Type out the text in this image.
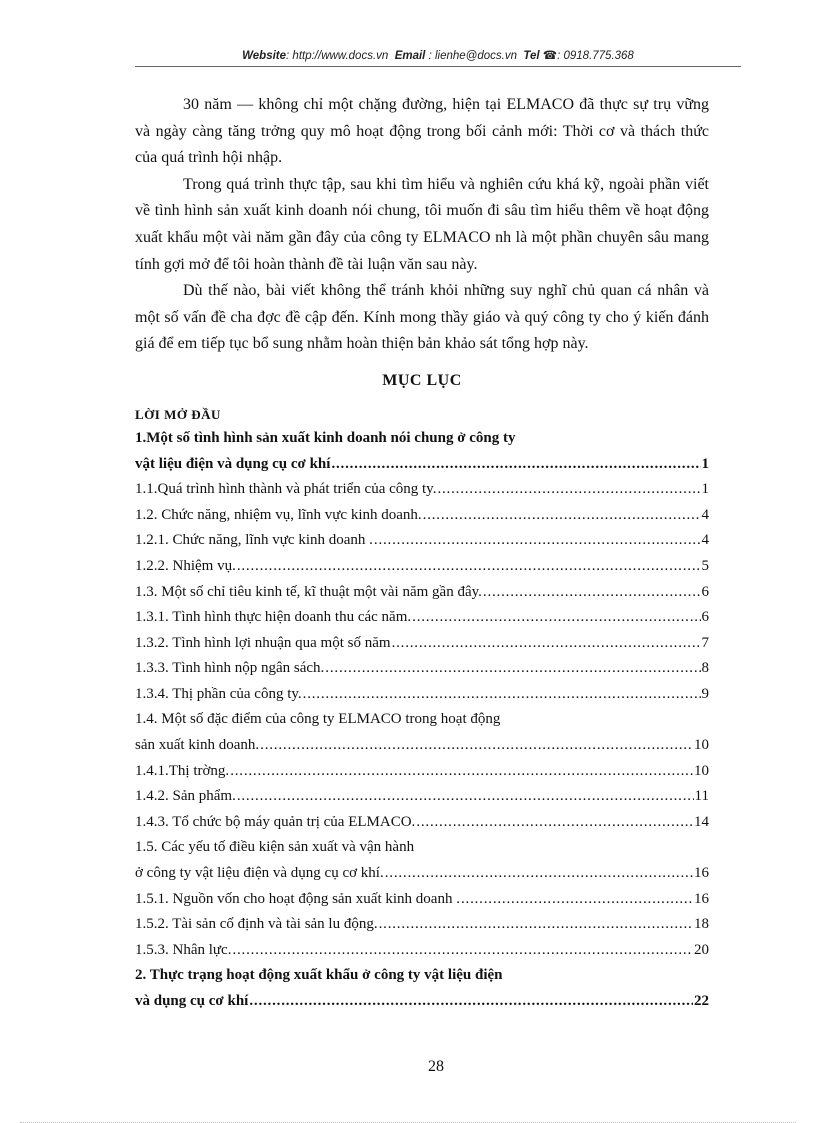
Website: http://www.docs.vn Email : lienhe@docs.vn Tel ☎: 0918.775.368

30 năm — không chỉ một chặng đường, hiện tại ELMACO đã thực sự trụ vững và ngày càng tăng trởng quy mô hoạt động trong bối cảnh mới: Thời cơ và thách thức của quá trình hội nhập.

Trong quá trình thực tập, sau khi tìm hiểu và nghiên cứu khá kỹ, ngoài phần viết về tình hình sản xuất kinh doanh nói chung, tôi muốn đi sâu tìm hiểu thêm về hoạt động xuất khẩu một vài năm gần đây của công ty ELMACO nh là một phần chuyên sâu mang tính gợi mở để tôi hoàn thành đề tài luận văn sau này.

Dù thế nào, bài viết không thể tránh khỏi những suy nghĩ chủ quan cá nhân và một số vấn đề cha đợc đề cập đến. Kính mong thầy giáo và quý công ty cho ý kiến đánh giá để em tiếp tục bổ sung nhằm hoàn thiện bản khảo sát tổng hợp này.

MỤC LỤC
LỜI MỞ ĐẦU
1.Một số tình hình sản xuất kinh doanh nói chung ở công ty
vật liệu điện và dụng cụ cơ khí .....	1
1.1.Quá trình hình thành và phát triển của công ty. .....	1
1.2. Chức năng, nhiệm vụ, lĩnh vực kinh doanh. .....	4
1.2.1. Chức năng, lĩnh vực kinh doanh . .....	4
1.2.2. Nhiệm vụ. .....	5
1.3. Một số chỉ tiêu kinh tế, kĩ thuật một vài năm gần đây. .....	6
1.3.1. Tình hình thực hiện doanh thu các năm. .....	6
1.3.2. Tình hình lợi nhuận qua một số năm .....	7
1.3.3. Tình hình nộp ngân sách. .....	8
1.3.4. Thị phần của công ty. .....	9
1.4. Một số đặc điểm của công ty ELMACO trong hoạt động
sản xuất kinh doanh. .....	10
1.4.1.Thị trờng. .....	10
1.4.2. Sản phẩm. .....	11
1.4.3. Tổ chức bộ máy quản trị của ELMACO. .....	14
1.5. Các yếu tố điều kiện sản xuất và vận hành
ở công ty vật liệu điện và dụng cụ cơ khí. .....	16
1.5.1. Nguồn vốn cho hoạt động sản xuất kinh doanh . .....	16
1.5.2. Tài sản cố định và tài sản lu động. .....	18
1.5.3. Nhân lực. .....	20
2. Thực trạng hoạt động xuất khẩu ở công ty vật liệu điện
và dụng cụ cơ khí .....	22
28
